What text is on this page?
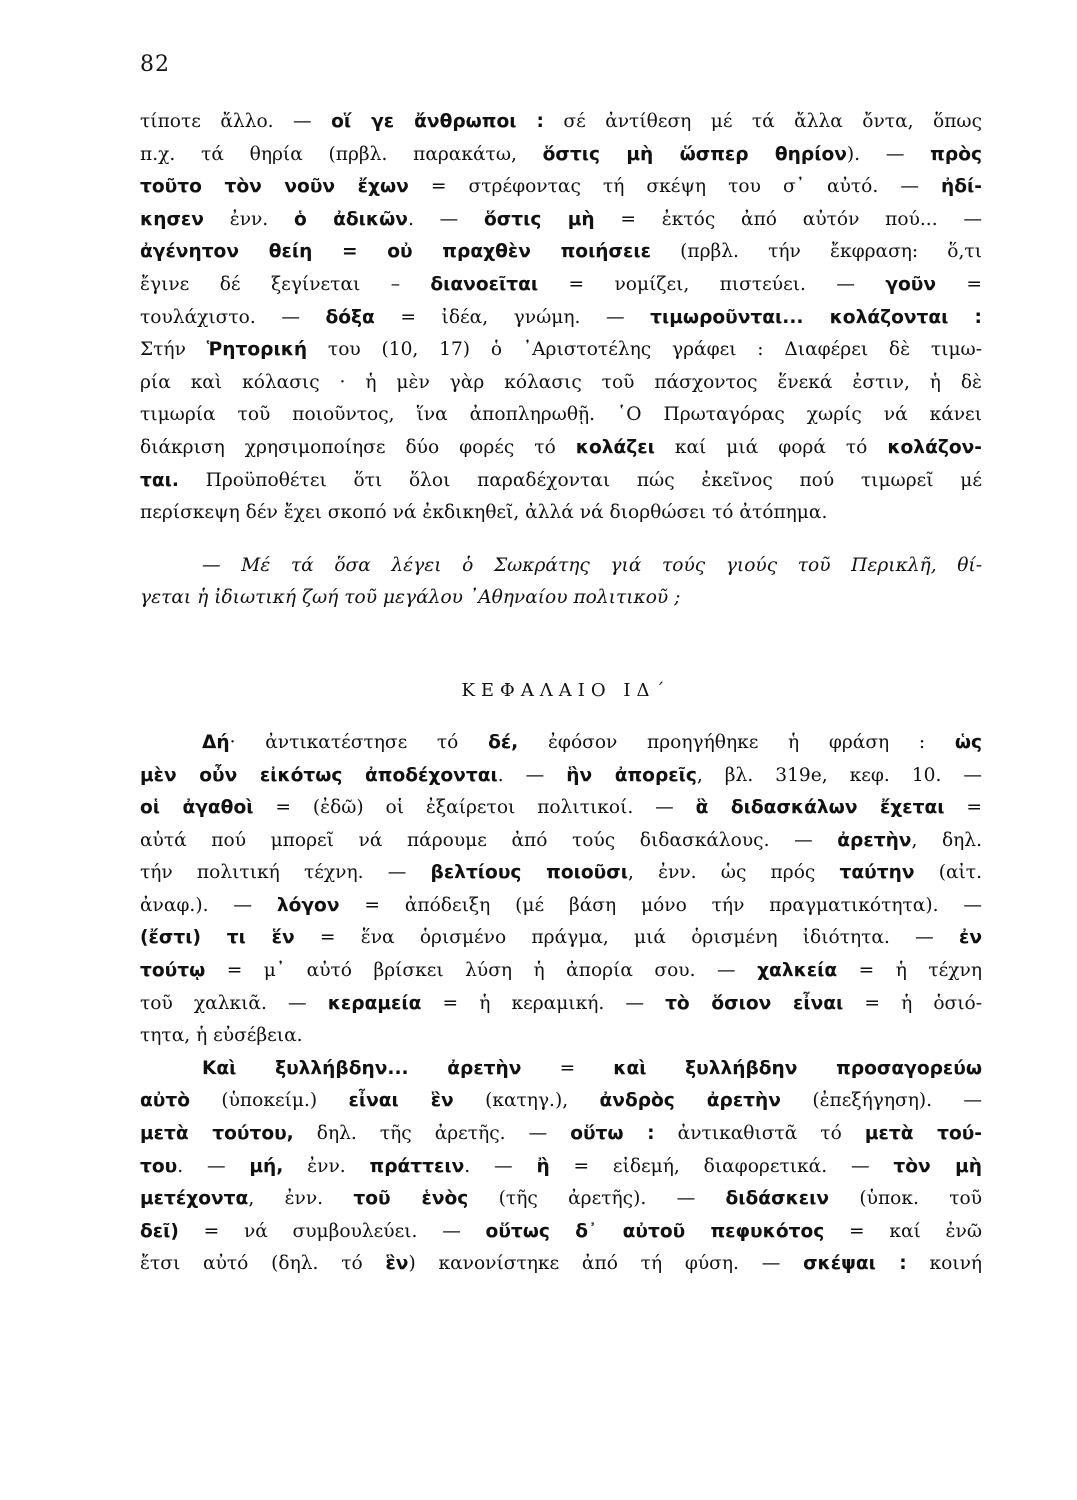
82
τίποτε ἄλλο. — οἵ γε ἄνθρωποι : σέ ἀντίθεση μέ τά ἄλλα ὄντα, ὅπως
π.χ. τά θηρία (πρβλ. παρακάτω, ὅστις μὴ ὥσπερ θηρίον). — πρὸς
τοῦτο τὸν νοῦν ἔχων = στρέφοντας τή σκέψη του σ᾽ αὐτό. — ἠδί-
κησεν ἐνν. ὁ ἀδικῶν. — ὅστις μὴ = ἐκτός ἀπό αὐτόν πού... —
ἀγένητον θείη = οὐ πραχθὲν ποιήσειε (πρβλ. τήν ἔκφραση: ὅ,τι
ἔγινε δέ ξεγίνεται – διανοεῖται = νομίζει, πιστεύει. — γοῦν =
τουλάχιστο. — δόξα = ἰδέα, γνώμη. — τιμωροῦνται... κολάζονται :
Στήν Ῥητορική του (10, 17) ὁ ᾿Αριστοτέλης γράφει : Διαφέρει δὲ τιμω-
ρία καὶ κόλασις · ἡ μὲν γὰρ κόλασις τοῦ πάσχοντος ἕνεκά ἐστιν, ἡ δὲ
τιμωρία τοῦ ποιοῦντος, ἵνα ἀποπληρωθῇ. ῾Ο Πρωταγόρας χωρίς νά κάνει
διάκριση χρησιμοποίησε δύο φορές τό κολάζει καί μιά φορά τό κολάζον-
ται. Προϋποθέτει ὅτι ὅλοι παραδέχονται πώς ἐκεῖνος πού τιμωρεῖ μέ
περίσκεψη δέν ἔχει σκοπό νά ἐκδικηθεῖ, ἀλλά νά διορθώσει τό ἀτόπημα.
— Μέ τά ὅσα λέγει ὁ Σωκράτης γιά τούς γιούς τοῦ Περικλῆ, θί-
γεται ἡ ἰδιωτική ζωή τοῦ μεγάλου ᾿Αθηναίου πολιτικοῦ ;
ΚΕΦΑΛΑΙΟ ΙΔ΄
Δή· ἀντικατέστησε τό δέ, ἐφόσον προηγήθηκε ἡ φράση : ὡς
μὲν οὖν εἰκότως ἀποδέχονται. — ἣν ἀπορεῖς, βλ. 319e, κεφ. 10. —
οἱ ἀγαθοὶ = (ἐδῶ) οἱ ἐξαίρετοι πολιτικοί. — ἃ διδασκάλων ἔχεται =
αὐτά πού μπορεῖ νά πάρουμε ἀπό τούς διδασκάλους. — ἀρετὴν, δηλ.
τήν πολιτική τέχνη. — βελτίους ποιοῦσι, ἐνν. ὡς πρός ταύτην (αἰτ.
ἀναφ.). — λόγον = ἀπόδειξη (μέ βάση μόνο τήν πραγματικότητα). —
(ἔστι) τι ἕν = ἕνα ὁρισμένο πράγμα, μιά ὁρισμένη ἰδιότητα. — ἐν
τούτῳ = μ᾽ αὐτό βρίσκει λύση ἡ ἀπορία σου. — χαλκεία = ἡ τέχνη
τοῦ χαλκιᾶ. — κεραμεία = ἡ κεραμική. — τὸ ὅσιον εἶναι = ἡ ὁσιό-
τητα, ἡ εὐσέβεια.
Καὶ ξυλλήβδην... ἀρετὴν = καὶ ξυλλήβδην προσαγορεύω
αὐτὸ (ὑποκείμ.) εἶναι ἓν (κατηγ.), ἀνδρὸς ἀρετὴν (ἐπεξήγηση). —
μετὰ τούτου, δηλ. τῆς ἀρετῆς. — οὕτω : ἀντικαθιστᾶ τό μετὰ τού-
του. — μή, ἐνν. πράττειν. — ἢ = εἰδεμή, διαφορετικά. — τὸν μὴ
μετέχοντα, ἐνν. τοῦ ἑνὸς (τῆς ἀρετῆς). — διδάσκειν (ὑποκ. τοῦ
δεῖ) = νά συμβουλεύει. — οὕτως δ᾽ αὐτοῦ πεφυκότος = καί ἐνῶ
ἔτσι αὐτό (δηλ. τό ἓν) κανονίστηκε ἀπό τή φύση. — σκέψαι : κοινή
